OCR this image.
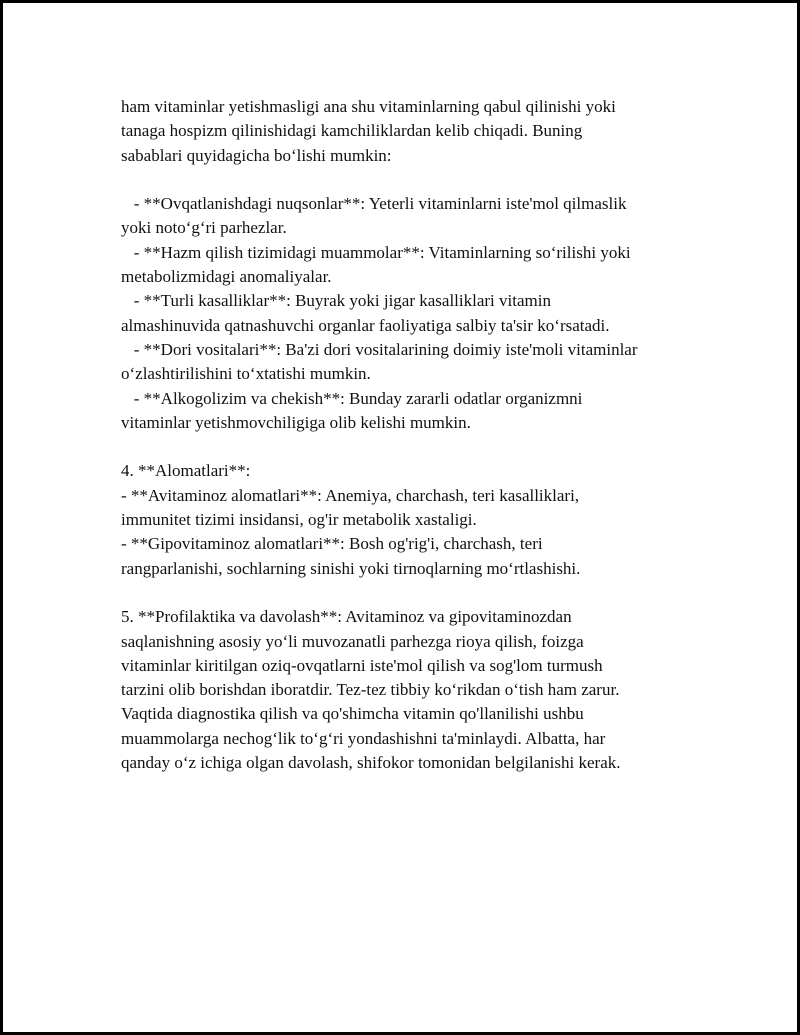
ham vitaminlar yetishmasligi ana shu vitaminlarning qabul qilinishi yoki
tanaga hospizm qilinishidagi kamchiliklardan kelib chiqadi. Buning
sabablari quyidagicha bo‘lishi mumkin:
- **Ovqatlanishdagi nuqsonlar**: Yeterli vitaminlarni iste'mol qilmaslik
yoki noto‘g‘ri parhezlar.
- **Hazm qilish tizimidagi muammolar**: Vitaminlarning so‘rilishi yoki
metabolizmidagi anomaliyalar.
- **Turli kasalliklar**: Buyrak yoki jigar kasalliklari vitamin
almashinuvida qatnashuvchi organlar faoliyatiga salbiy ta'sir ko‘rsatadi.
- **Dori vositalari**: Ba'zi dori vositalarining doimiy iste'moli vitaminlar
o‘zlashtirilishini to‘xtatishi mumkin.
- **Alkogolizim va chekish**: Bunday zararli odatlar organizmni
vitaminlar yetishmovchiligiga olib kelishi mumkin.
4. **Alomatlari**:
- **Avitaminoz alomatlari**: Anemiya, charchash, teri kasalliklari,
immunitet tizimi insidansi, og'ir metabolik xastaligi.
- **Gipovitaminoz alomatlari**: Bosh og'rig'i, charchash, teri
rangparlanishi, sochlarning sinishi yoki tirnoqlarning mo‘rtlashishi.
5. **Profilaktika va davolash**: Avitaminoz va gipovitaminozdan
saqlanishning asosiy yo‘li muvozanatli parhezga rioya qilish, foizga
vitaminlar kiritilgan oziq-ovqatlarni iste'mol qilish va sog'lom turmush
tarzini olib borishdan iboratdir. Tez-tez tibbiy ko‘rikdan o‘tish ham zarur.
Vaqtida diagnostika qilish va qo'shimcha vitamin qo'llanilishi ushbu
muammolarga nechog‘lik to‘g‘ri yondashishni ta'minlaydi. Albatta, har
qanday o‘z ichiga olgan davolash, shifokor tomonidan belgilanishi kerak.
